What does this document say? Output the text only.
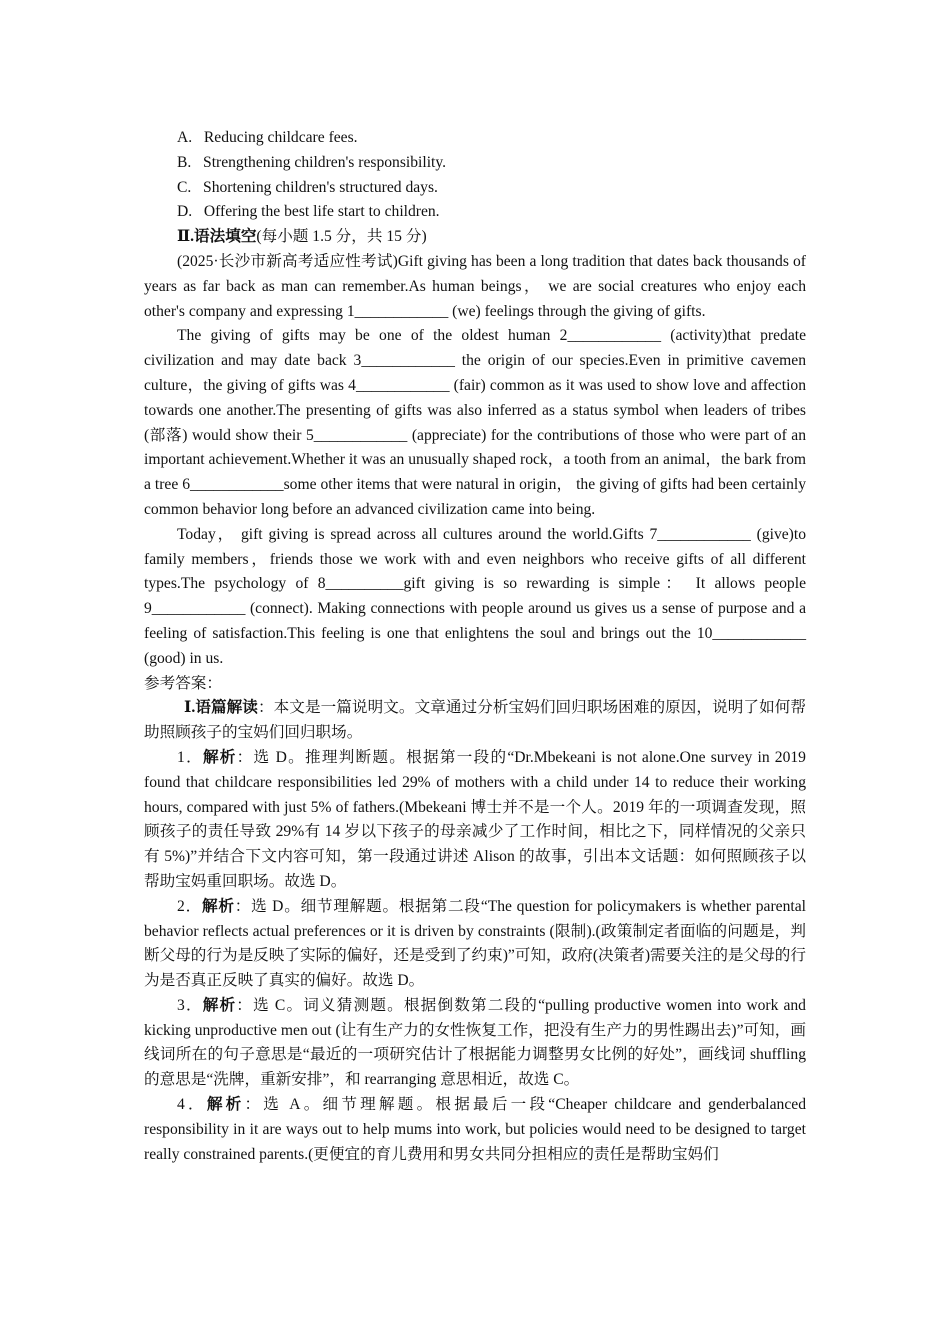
A. Reducing childcare fees.

B. Strengthening children's responsibility.

C. Shortening children's structured days.

D. Offering the best life start to children.

Ⅱ.语法填空(每小题 1.5 分，共 15 分)

(2025·长沙市新高考适应性考试)Gift giving has been a long tradition that dates back thousands of years as far back as man can remember.As human beings， we are social creatures who enjoy each other's company and expressing 1____________ (we) feelings through the giving of gifts.

The giving of gifts may be one of the oldest human 2____________ (activity)that predate civilization and may date back 3____________ the origin of our species.Even in primitive cavemen culture，the giving of gifts was 4____________ (fair) common as it was used to show love and affection towards one another.The presenting of gifts was also inferred as a status symbol when leaders of tribes (部落) would show their 5____________ (appreciate) for the contributions of those who were part of an important achievement.Whether it was an unusually shaped rock，a tooth from an animal，the bark from a tree 6____________some other items that were natural in origin， the giving of gifts had been certainly common behavior long before an advanced civilization came into being.

Today， gift giving is spread across all cultures around the world.Gifts 7____________ (give)to family members，friends those we work with and even neighbors who receive gifts of all different types.The psychology of 8__________gift giving is so rewarding is simple： It allows people 9____________ (connect). Making connections with people around us gives us a sense of purpose and a feeling of satisfaction.This feeling is one that enlightens the soul and brings out the 10____________ (good) in us.

参考答案：

Ⅰ.语篇解读：本文是一篇说明文。文章通过分析宝妈们回归职场困难的原因，说明了如何帮助照顾孩子的宝妈们回归职场。

1．解析：选 D。推理判断题。根据第一段的“Dr.Mbekeani is not alone.One survey in 2019 found that childcare responsibilities led 29% of mothers with a child under 14 to reduce their working hours, compared with just 5% of fathers.(Mbekeani 博士并不是一个人。2019 年的一项调查发现，照顾孩子的责任导致 29%有 14 岁以下孩子的母亲减少了工作时间，相比之下，同样情况的父亲只有 5%)”并结合下文内容可知，第一段通过讲述 Alison 的故事，引出本文话题：如何照顾孩子以帮助宝妈重回职场。故选 D。

2．解析：选 D。细节理解题。根据第二段“The question for policymakers is whether parental behavior reflects actual preferences or it is driven by constraints (限制).(政策制定者面临的问题是，判断父母的行为是反映了实际的偏好，还是受到了约束)”可知，政府(决策者)需要关注的是父母的行为是否真正反映了真实的偏好。故选 D。

3．解析：选 C。词义猜测题。根据倒数第二段的“pulling productive women into work and kicking unproductive men out (让有生产力的女性恢复工作，把没有生产力的男性踢出去)”可知，画线词所在的句子意思是“最近的一项研究估计了根据能力调整男女比例的好处”，画线词 shuffling 的意思是“洗牌，重新安排”，和 rearranging 意思相近，故选 C。

4．解析：选 A。细节理解题。根据最后一段“Cheaper childcare and genderbalanced responsibility in it are ways out to help mums into work, but policies would need to be designed to target really constrained parents.(更便宜的育儿费用和男女共同分担相应的责任是帮助宝妈们
